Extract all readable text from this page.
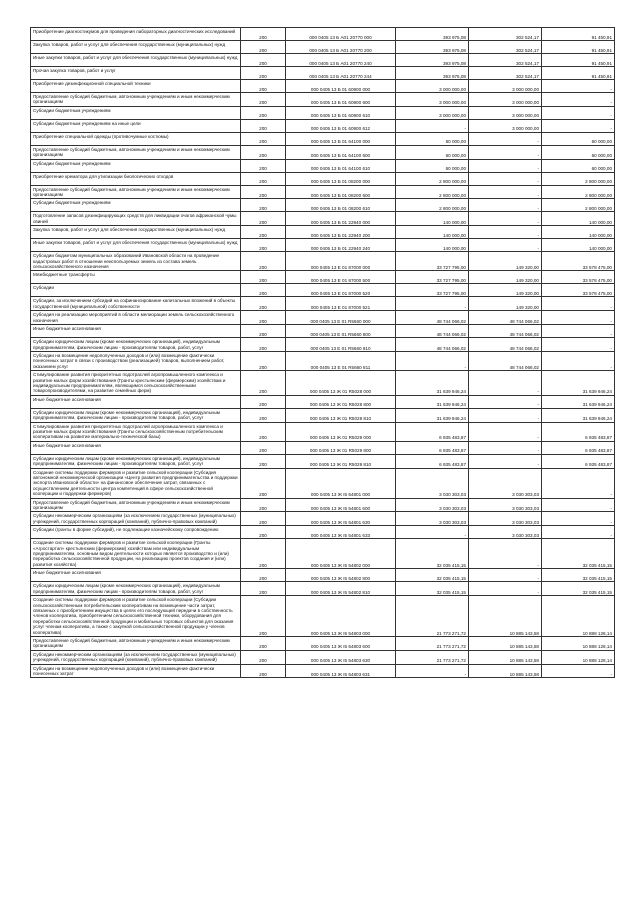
Приобретение диагностикумов для проведения лабораторных диагностических исследований	200	000 0405 13 Б А01 20770 000	393 975,08	302 524,17	91 450,91
Закупка товаров, работ и услуг для обеспечения государственных (муниципальных) нужд	200	000 0405 13 Б А01 20770 200	393 975,08	302 524,17	91 450,91
Иные закупки товаров, работ и услуг для обеспечения государственных (муниципальных) нужд	200	000 0405 13 Б А01 20770 240	393 975,08	302 524,17	91 450,91
Прочая закупка товаров, работ и услуг	200	000 0405 13 Б А01 20770 244	393 975,08	302 524,17	91 450,91
Приобретение дезинфекционной специальной техники	200	000 0405 13 Б 01 60900 000	3 000 000,00	3 000 000,00	-
Предоставление субсидий бюджетным, автономным учреждениям и иным некоммерческим организациям	200	000 0405 13 Б 01 60900 600	3 000 000,00	3 000 000,00	-
Субсидии бюджетным учреждениям	200	000 0405 13 Б 01 60900 610	3 000 000,00	3 000 000,00	-
Субсидии бюджетным учреждениям на иные цели	200	000 0405 13 Б 01 60900 612	-	3 000 000,00	-
Приобретение специальной одежды (противочумные костюмы)	200	000 0405 13 Б 01 64100 000	60 000,00	-	60 000,00
Предоставление субсидий бюджетным, автономным учреждениям и иным некоммерческим организациям	200	000 0405 13 Б 01 64100 600	60 000,00	-	60 000,00
Субсидии бюджетным учреждениям	200	000 0405 13 Б 01 64100 610	60 000,00	-	60 000,00
Приобретение крематора для утилизации биологических отходов	200	000 0405 13 Б 01 08200 000	2 800 000,00	-	2 800 000,00
Предоставление субсидий бюджетным, автономным учреждениям и иным некоммерческим организациям	200	000 0405 13 Б 01 08200 600	2 800 000,00	-	2 800 000,00
Субсидии бюджетным учреждениям	200	000 0405 13 Б 01 08200 610	2 800 000,00	-	2 800 000,00
Подготовление запасов дезинфицирующих средств для ликвидации очагов африканской чумы свиней	200	000 0405 13 Б 01 22940 000	140 000,00	-	140 000,00
Закупка товаров, работ и услуг для обеспечения государственных (муниципальных) нужд	200	000 0405 13 Б 01 22940 200	140 000,00	-	140 000,00
Иные закупки товаров, работ и услуг для обеспечения государственных (муниципальных) нужд	200	000 0405 13 Б 01 22940 240	140 000,00	-	140 000,00
Субсидии бюджетам муниципальных образований Ивановской области на проведение кадастровых работ в отношении неиспользуемых земель из состава земель сельскохозяйственного назначения	200	000 0405 13 Е 01 87000 000	33 727 795,00	149 320,00	33 578 475,00
Межбюджетные трансферты	200	000 0405 13 Е 01 87000 500	33 727 795,00	149 320,00	33 578 475,00
Субсидии	200	000 0405 13 Е 01 87000 520	33 727 795,00	149 320,00	33 578 475,00
Субсидии, за исключением субсидий на софинансирование капитальных вложений в объекты государственной (муниципальной) собственности	200	000 0405 13 Е 01 87000 521	-	149 320,00	-
Субсидия на реализацию мероприятий в области мелиорации земель сельскохозяйственного назначения	200	000 0405 13 Е 01 R5660 000	48 744 066,02	48 744 066,02	-
Иные бюджетные ассигнования	200	000 0405 13 Е 01 R5660 800	48 744 066,02	48 744 066,02	-
Субсидии юридическим лицам (кроме некоммерческих организаций), индивидуальным предпринимателям, физическим лицам - производителям товаров, работ, услуг	200	000 0405 13 Е 01 R5660 810	48 744 066,02	48 744 066,02	-
Субсидии на возмещение недополученных доходов и (или) возмещение фактически понесенных затрат в связи с производством (реализацией) товаров, выполнением работ, оказанием услуг	200	000 0405 13 Е 01 R5660 811	-	48 744 066,02	-
Стимулирование развития приоритетных подотраслей агропромышленного комплекса и развитие малых форм хозяйствования (Гранты крестьянским (фермерским) хозяйствам и индивидуальным предпринимателям, являющимся сельскохозяйственными товаропроизводителями, на развитие семейных ферм)	200	000 0405 13 Ж 01 R5028 000	31 639 946,24	-	31 639 946,24
Иные бюджетные ассигнования	200	000 0405 13 Ж 01 R5028 800	31 639 946,24	-	31 639 946,24
Субсидии юридическим лицам (кроме некоммерческих организаций), индивидуальным предпринимателям, физическим лицам - производителям товаров, работ, услуг	200	000 0405 13 Ж 01 R5028 810	31 639 946,24	-	31 639 946,24
Стимулирование развития приоритетных подотраслей агропромышленного комплекса и развитие малых форм хозяйствования (Гранты сельскохозяйственным потребительским кооперативам на развитие материально-технической базы)	200	000 0405 13 Ж 01 R5029 000	6 935 483,87	-	6 935 483,87
Иные бюджетные ассигнования	200	000 0405 13 Ж 01 R5029 800	6 935 483,87	-	6 935 483,87
Субсидии юридическим лицам (кроме некоммерческих организаций), индивидуальным предпринимателям, физическим лицам - производителям товаров, работ, услуг	200	000 0405 13 Ж 01 R5029 810	6 935 483,87	-	6 935 483,87
Создание системы поддержки фермеров и развитие сельской кооперации (Субсидия автономной некоммерческой организации «Центр развития предпринимательства и поддержки экспорта Ивановской области» на финансовое обеспечение затрат, связанных с осуществлением деятельности центра компетенций в сфере сельскохозяйственной кооперации и поддержки фермеров)	200	000 0405 13 Ж I5 54801 000	3 030 303,03	3 030 303,03	-
Предоставление субсидий бюджетным, автономным учреждениям и иным некоммерческим организациям	200	000 0405 13 Ж I5 54801 600	3 030 303,03	3 030 303,03	-
Субсидии некоммерческим организациям (за исключением государственных (муниципальных) учреждений, государственных корпораций (компаний), публично-правовых компаний)	200	000 0405 13 Ж I5 54801 630	3 030 303,03	3 030 303,03	-
Субсидии (гранты в форме субсидий), не подлежащие казначейскому сопровождению	200	000 0405 13 Ж I5 54801 633	-	3 030 303,03	-
Создание системы поддержки фермеров и развитие сельской кооперации (Гранты «Агростартап» крестьянским (фермерским) хозяйствам или индивидуальным предпринимателям, основным видом деятельности которых является производство и (или) переработка сельскохозяйственной продукции, на реализацию проектов создания и (или) развития хозяйства)	200	000 0405 13 Ж I5 54802 000	32 035 415,15	-	32 035 415,15
Иные бюджетные ассигнования	200	000 0405 13 Ж I5 54802 800	32 035 415,15	-	32 035 415,15
Субсидии юридическим лицам (кроме некоммерческих организаций), индивидуальным предпринимателям, физическим лицам - производителям товаров, работ, услуг	200	000 0405 13 Ж I5 54802 810	32 035 415,15	-	32 035 415,15
Создание системы поддержки фермеров и развитие сельской кооперации (Субсидии сельскохозяйственным потребительским кооперативам на возмещение части затрат, связанных с приобретением имущества в целях его последующей передачи в собственность членов кооператива, приобретением сельскохозяйственной техники, оборудования для переработки сельскохозяйственной продукции и мобильных торговых объектов для оказания услуг членам кооператива, а также с закупкой сельскохозяйственной продукции у членов кооператива)	200	000 0405 13 Ж I5 54803 000	21 773 271,72	10 885 143,58	10 888 128,14
Предоставление субсидий бюджетным, автономным учреждениям и иным некоммерческим организациям	200	000 0405 13 Ж I5 54803 600	21 773 271,72	10 885 143,58	10 888 128,14
Субсидии некоммерческим организациям (за исключением государственных (муниципальных) учреждений, государственных корпораций (компаний), публично-правовых компаний)	200	000 0405 13 Ж I5 54803 630	21 773 271,72	10 885 143,58	10 888 128,14
Субсидии на возмещение недополученных доходов и (или) возмещение фактически понесенных затрат	200	000 0405 13 Ж I5 54803 631	-	10 885 143,58	-
